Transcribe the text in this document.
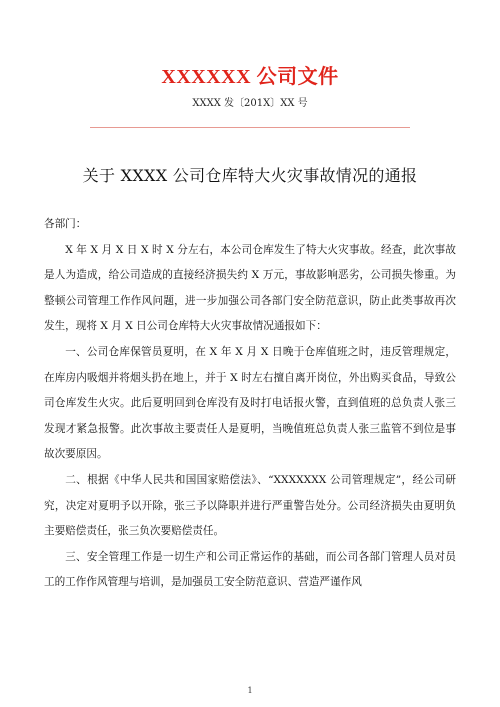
XXXXXX 公司文件
XXXX 发〔201X〕XX 号
关于 XXXX 公司仓库特大火灾事故情况的通报

各部门：

X 年 X 月 X 日 X 时 X 分左右，本公司仓库发生了特大火灾事故。经查，此次事故是人为造成，给公司造成的直接经济损失约 X 万元，事故影响恶劣，公司损失惨重。为整顿公司管理工作作风问题，进一步加强公司各部门安全防范意识，防止此类事故再次发生，现将 X 月 X 日公司仓库特大火灾事故情况通报如下：

一、公司仓库保管员夏明，在 X 年 X 月 X 日晚于仓库值班之时，违反管理规定，在库房内吸烟并将烟头扔在地上，并于 X 时左右擅自离开岗位，外出购买食品，导致公司仓库发生火灾。此后夏明回到仓库没有及时打电话报火警，直到值班的总负责人张三发现才紧急报警。此次事故主要责任人是夏明，当晚值班总负责人张三监管不到位是事故次要原因。

二、根据《中华人民共和国国家赔偿法》、“XXXXXXX 公司管理规定”，经公司研究，决定对夏明予以开除，张三予以降职并进行严重警告处分。公司经济损失由夏明负主要赔偿责任，张三负次要赔偿责任。

三、安全管理工作是一切生产和公司正常运作的基础，而公司各部门管理人员对员工的工作作风管理与培训，是加强员工安全防范意识、营造严谨作风

1
